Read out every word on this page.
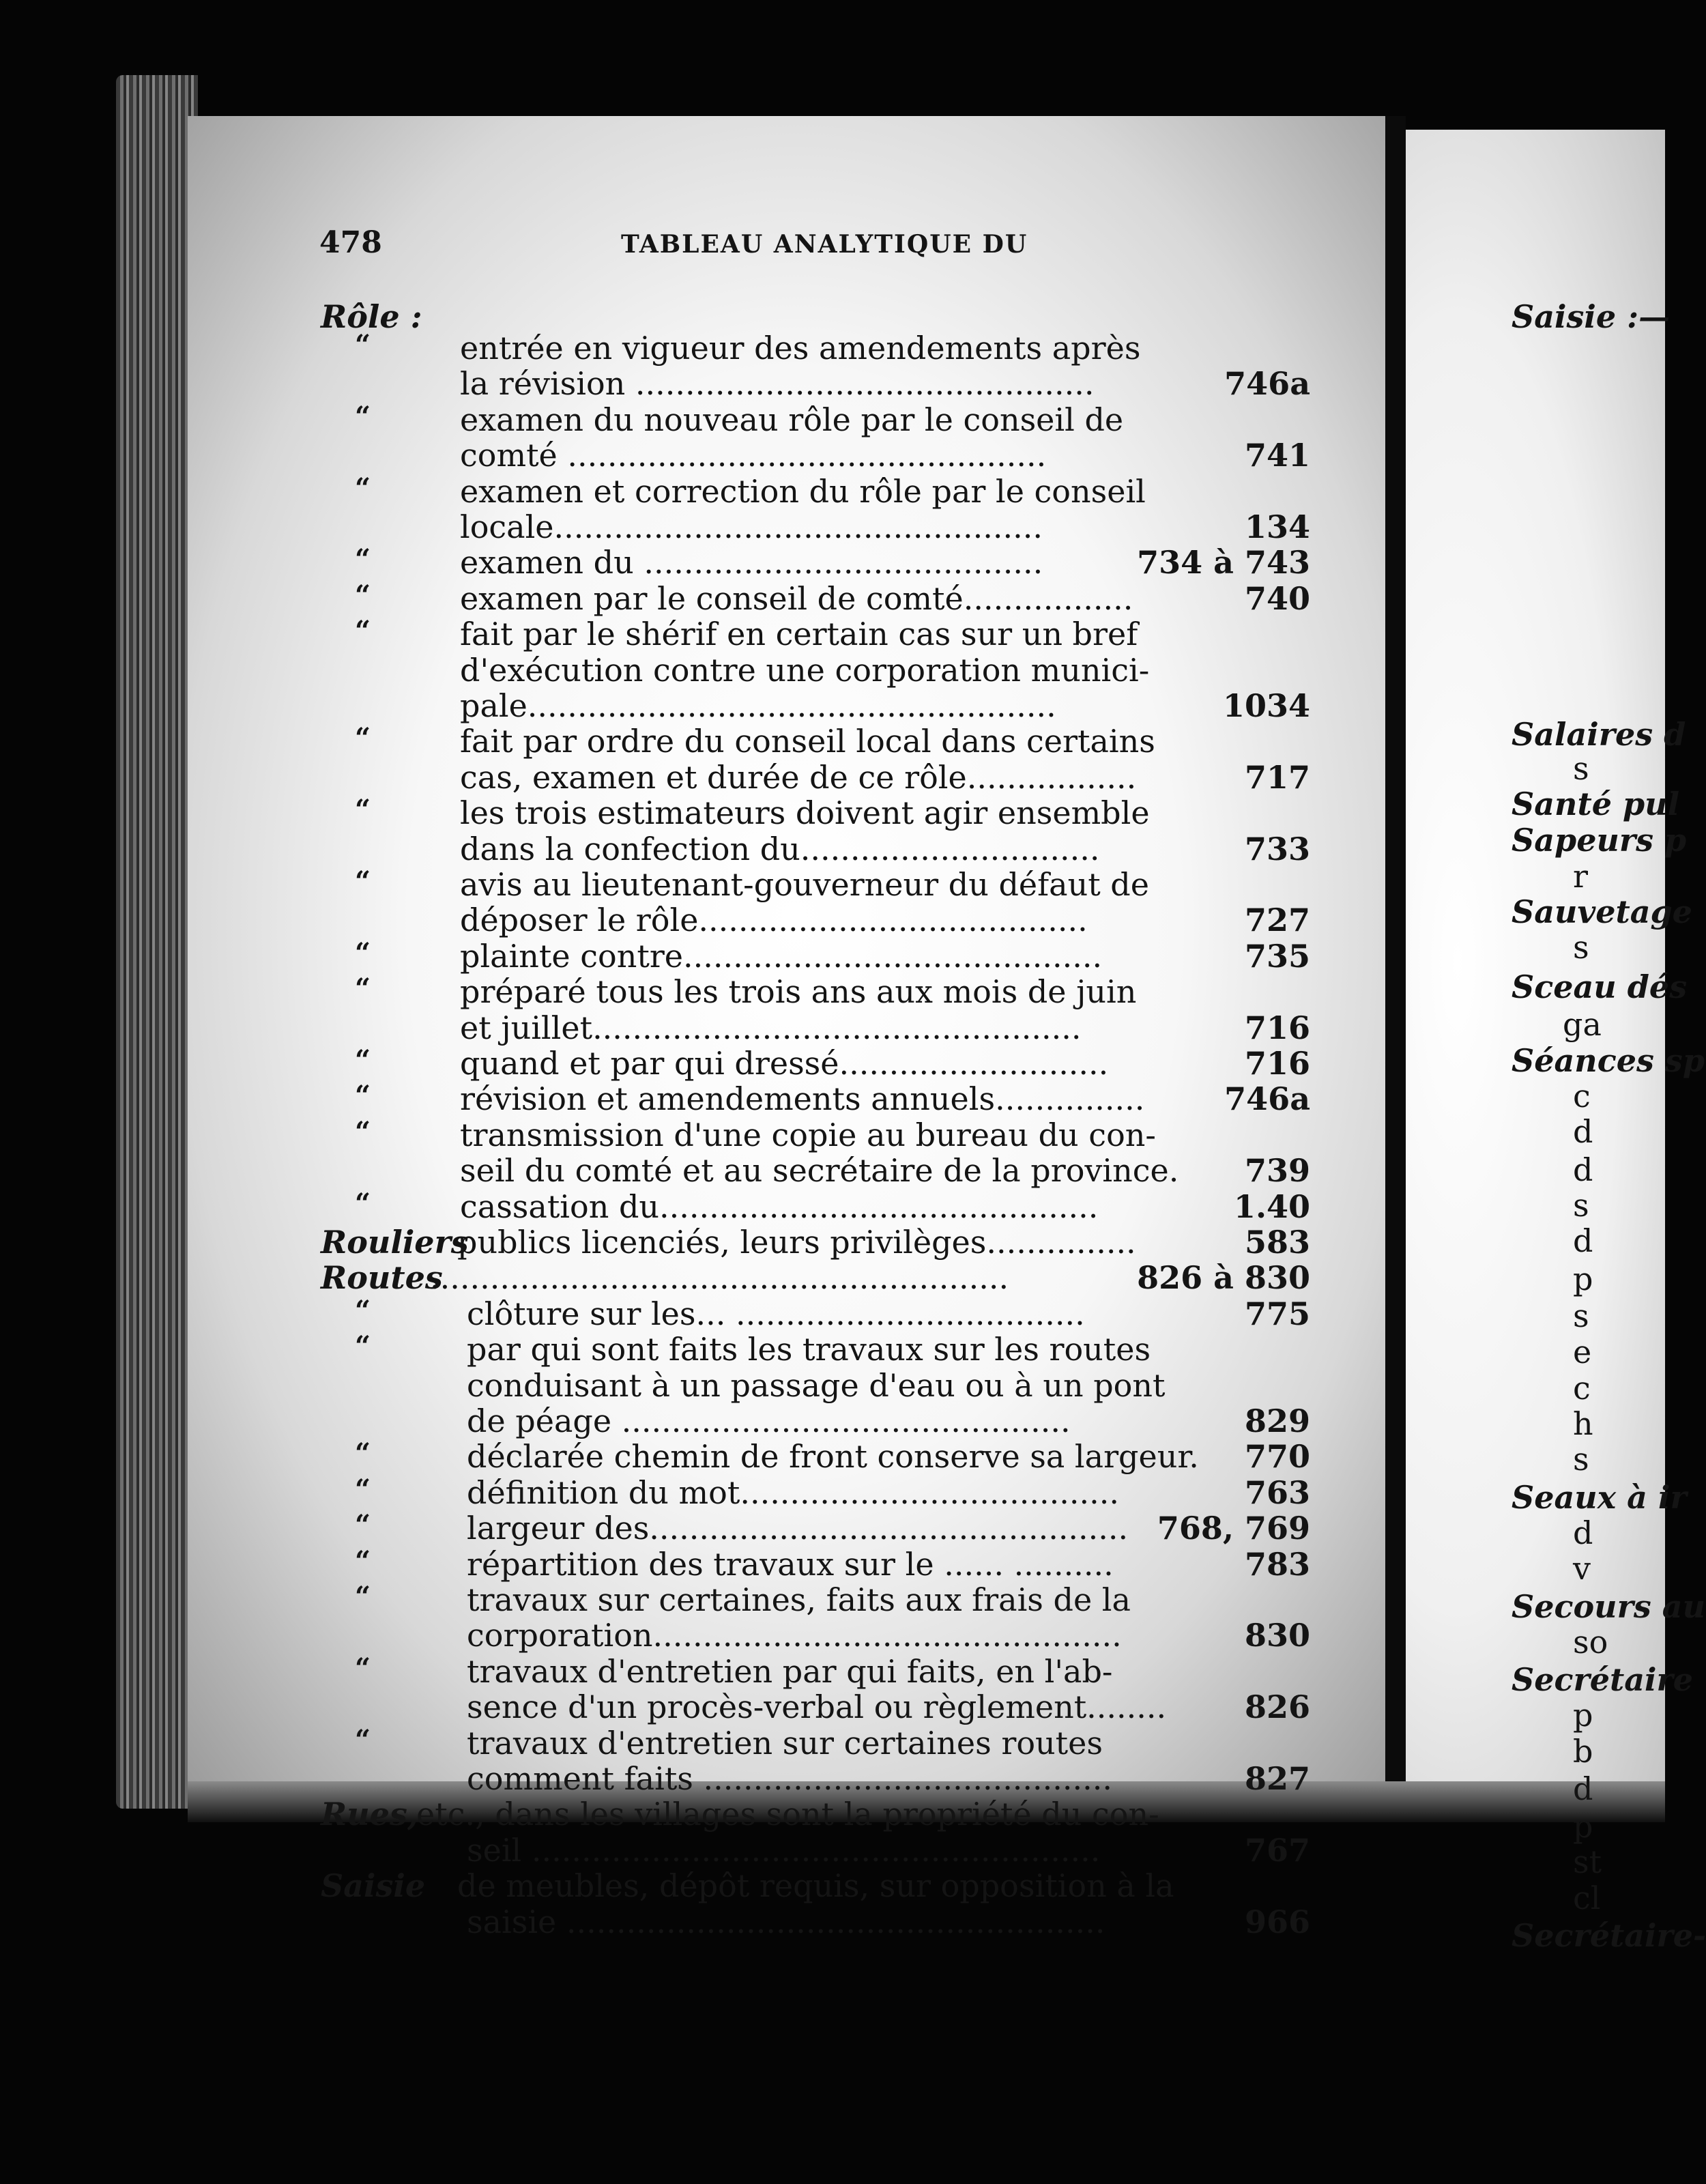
478	TABLEAU ANALYTIQUE DU
Rôle :
“	entrée en vigueur des amendements après
la révision ..............................................	746a
“	examen du nouveau rôle par le conseil de
comté ................................................	741
“	examen et correction du rôle par le conseil
locale.................................................	134
“	examen du ........................................	734 à 743
“	examen par le conseil de comté.................	740
“	fait par le shérif en certain cas sur un bref
d'exécution contre une corporation munici-
pale.....................................................	1034
“	fait par ordre du conseil local dans certains
cas, examen et durée de ce rôle.................	717
“	les trois estimateurs doivent agir ensemble
dans la confection du..............................	733
“	avis au lieutenant-gouverneur du défaut de
déposer le rôle.......................................	727
“	plainte contre..........................................	735
“	préparé tous les trois ans aux mois de juin
et juillet.................................................	716
“	quand et par qui dressé...........................	716
“	révision et amendements annuels...............	746a
“	transmission d'une copie au bureau du con-
seil du comté et au secrétaire de la province. 739
“	cassation du............................................	1.40
Rouliers
publics licenciés, leurs privilèges...............	583
Routes
..........................................................	826 à 830
“	clôture sur les... ...................................	775
“	par qui sont faits les travaux sur les routes
conduisant à un passage d'eau ou à un pont
de péage .............................................	829
“	déclarée chemin de front conserve sa largeur. 770
“	définition du mot......................................	763
“	largeur des................................................ 768, 769
“	répartition des travaux sur le ...... ..........	783
“	travaux sur certaines, faits aux frais de la
corporation...............................................	830
“	travaux d'entretien par qui faits, en l'ab-
sence d'un procès-verbal ou règlement........ 826
“	travaux d'entretien sur certaines routes
comment faits .........................................	827
Rues,
etc., dans les villages sont la propriété du con-
seil .........................................................	767
Saisie de meubles, dépôt requis, sur opposition à la
saisie ......................................................	966
Saisie :—
Salaires d
s
Santé pul
Sapeurs p
r
Sauvetage
s
Sceau dés
ga
Séances sp
c
d
d
s
d
p
s
e
c
h
s
Seaux à ir
d
v
Secours au
so
Secrétaire
p
b
d
p
st
cl
Secrétaire-
